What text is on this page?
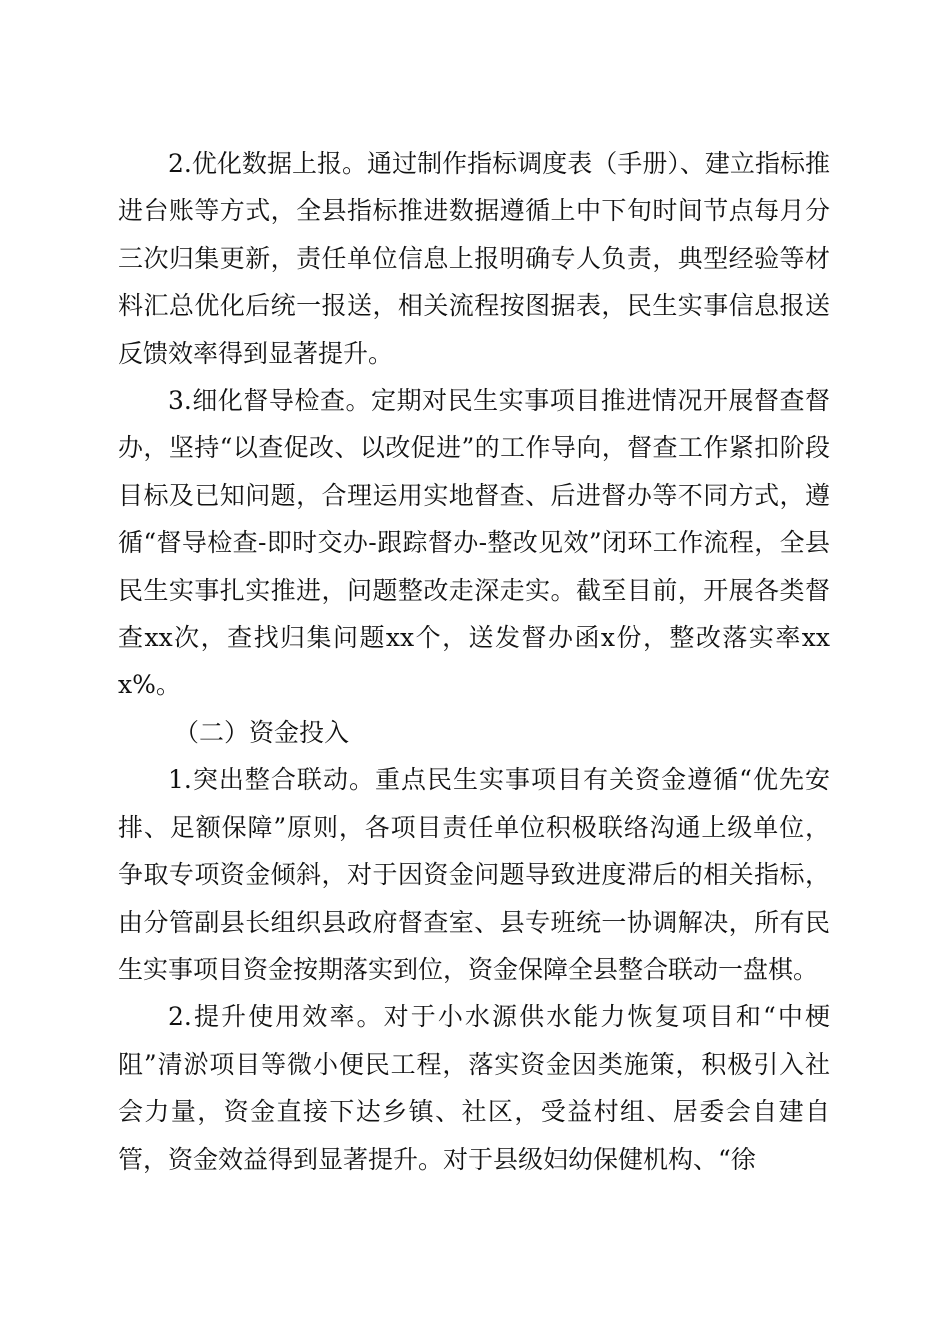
2.优化数据上报。通过制作指标调度表（手册）、建立指标推进台账等方式，全县指标推进数据遵循上中下旬时间节点每月分三次归集更新，责任单位信息上报明确专人负责，典型经验等材料汇总优化后统一报送，相关流程按图据表，民生实事信息报送反馈效率得到显著提升。

3.细化督导检查。定期对民生实事项目推进情况开展督查督办，坚持“以查促改、以改促进”的工作导向，督查工作紧扣阶段目标及已知问题，合理运用实地督查、后进督办等不同方式，遵循“督导检查-即时交办-跟踪督办-整改见效”闭环工作流程，全县民生实事扎实推进，问题整改走深走实。截至目前，开展各类督查xx次，查找归集问题xx个，送发督办函x份，整改落实率xxx%。

（二）资金投入

1.突出整合联动。重点民生实事项目有关资金遵循“优先安排、足额保障”原则，各项目责任单位积极联络沟通上级单位，争取专项资金倾斜，对于因资金问题导致进度滞后的相关指标，由分管副县长组织县政府督查室、县专班统一协调解决，所有民生实事项目资金按期落实到位，资金保障全县整合联动一盘棋。

2.提升使用效率。对于小水源供水能力恢复项目和“中梗阻”清淤项目等微小便民工程，落实资金因类施策，积极引入社会力量，资金直接下达乡镇、社区，受益村组、居委会自建自管，资金效益得到显著提升。对于县级妇幼保健机构、“徐
